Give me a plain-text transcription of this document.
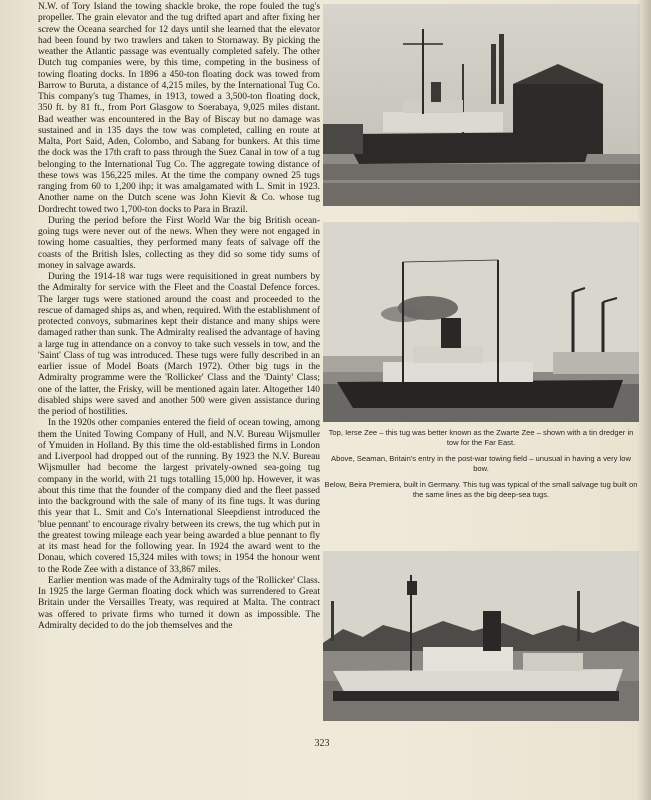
N.W. of Tory Island the towing shackle broke, the rope fouled the tug's propeller. The grain elevator and the tug drifted apart and after fixing her screw the Oceana searched for 12 days until she learned that the elevator had been found by two trawlers and taken to Stornaway. By picking the weather the Atlantic passage was eventually completed safely. The other Dutch tug companies were, by this time, competing in the business of towing floating docks. In 1896 a 450-ton floating dock was towed from Barrow to Buruta, a distance of 4,215 miles, by the International Tug Co. This company's tug Thames, in 1913, towed a 3,500-ton floating dock, 350 ft. by 81 ft., from Port Glasgow to Soerabaya, 9,025 miles distant. Bad weather was encountered in the Bay of Biscay but no damage was sustained and in 135 days the tow was completed, calling en route at Malta, Port Said, Aden, Colombo, and Sabang for bunkers. At this time the dock was the 17th craft to pass through the Suez Canal in tow of a tug belonging to the International Tug Co. The aggregate towing distance of these tows was 156,225 miles. At the time the company owned 25 tugs ranging from 60 to 1,200 ihp; it was amalgamated with L. Smit in 1923. Another name on the Dutch scene was John Kievit & Co. whose tug Dordrecht towed two 1,700-ton docks to Para in Brazil.

During the period before the First World War the big British ocean-going tugs were never out of the news. When they were not engaged in towing home casualties, they performed many feats of salvage off the coasts of the British Isles, collecting as they did so some tidy sums of money in salvage awards.

During the 1914-18 war tugs were requisitioned in great numbers by the Admiralty for service with the Fleet and the Coastal Defence forces. The larger tugs were stationed around the coast and proceeded to the rescue of damaged ships as, and when, required. With the establishment of protected convoys, submarines kept their distance and many ships were damaged rather than sunk. The Admiralty realised the advantage of having a large tug in attendance on a convoy to take such vessels in tow, and the 'Saint' Class of tug was introduced. These tugs were fully described in an earlier issue of Model Boats (March 1972). Other big tugs in the Admiralty programme were the 'Rollicker' Class and the 'Dainty' Class; one of the latter, the Frisky, will be mentioned again later. Altogether 140 disabled ships were saved and another 500 were given assistance during the period of hostilities.

In the 1920s other companies entered the field of ocean towing, among them the United Towing Company of Hull, and N.V. Bureau Wijsmuller of Ymuiden in Holland. By this time the old-established firms in London and Liverpool had dropped out of the running. By 1923 the N.V. Bureau Wijsmuller had become the largest privately-owned sea-going tug company in the world, with 21 tugs totalling 15,000 hp. However, it was about this time that the founder of the company died and the fleet passed into the background with the sale of many of its fine tugs. It was during this year that L. Smit and Co's International Sleepdienst introduced the 'blue pennant' to encourage rivalry between its crews, the tug which put in the greatest towing mileage each year being awarded a blue pennant to fly at its mast head for the following year. In 1924 the award went to the Donau, which covered 15,324 miles with tows; in 1954 the honour went to the Rode Zee with a distance of 33,867 miles.

Earlier mention was made of the Admiralty tugs of the 'Rollicker' Class. In 1925 the large German floating dock which was surrendered to Great Britain under the Versailles Treaty, was required at Malta. The contract was offered to private firms who turned it down as impossible. The Admiralty decided to do the job themselves and the

Top, Ierse Zee – this tug was better known as the Zwarte Zee – shown with a tin dredger in tow for the Far East.

Above, Seaman, Britain's entry in the post-war towing field – unusual in having a very low bow.

Below, Beira Premiera, built in Germany. This tug was typical of the small salvage tug built on the same lines as the big deep-sea tugs.

323
